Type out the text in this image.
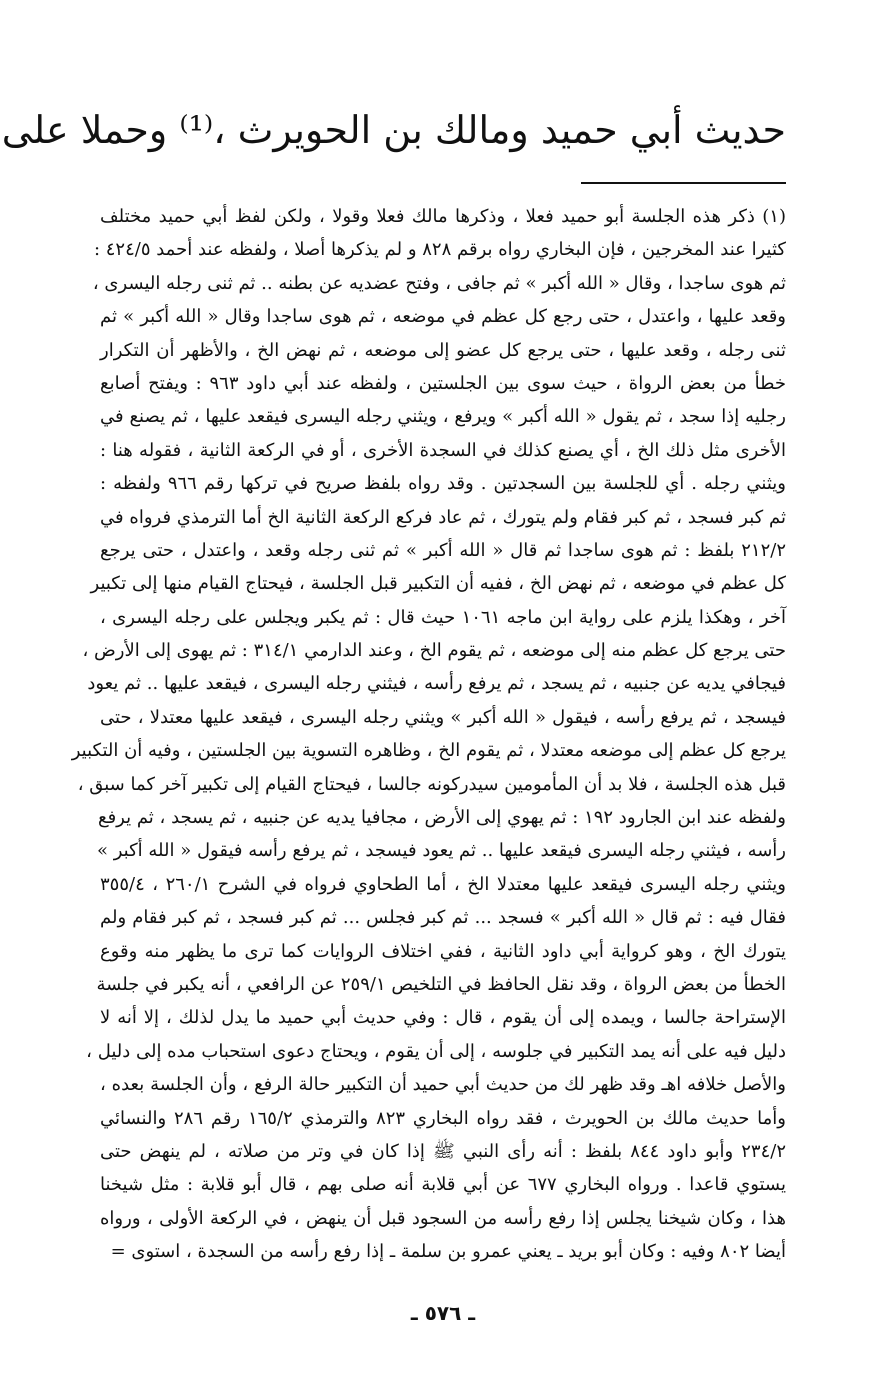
حديث أبي حميد ومالك بن الحويرث ،⁽¹⁾ وحملا على
(١) ذكر هذه الجلسة أبو حميد فعلا ، وذكرها مالك فعلا وقولا ، ولكن لفظ أبي حميد مختلف
كثيرا عند المخرجين ، فإن البخاري رواه برقم ٨٢٨ و لم يذكرها أصلا ، ولفظه عند أحمد ٤٢٤/٥ :
ثم هوى ساجدا ، وقال « الله أكبر » ثم جافى ، وفتح عضديه عن بطنه .. ثم ثنى رجله اليسرى ،
وقعد عليها ، واعتدل ، حتى رجع كل عظم في موضعه ، ثم هوى ساجدا وقال « الله أكبر » ثم
ثنى رجله ، وقعد عليها ، حتى يرجع كل عضو إلى موضعه ، ثم نهض الخ ، والأظهر أن التكرار
خطأ من بعض الرواة ، حيث سوى بين الجلستين ، ولفظه عند أبي داود ٩٦٣ : ويفتح أصابع
رجليه إذا سجد ، ثم يقول « الله أكبر » ويرفع ، ويثني رجله اليسرى فيقعد عليها ، ثم يصنع في
الأخرى مثل ذلك الخ ، أي يصنع كذلك في السجدة الأخرى ، أو في الركعة الثانية ، فقوله هنا :
ويثني رجله . أي للجلسة بين السجدتين . وقد رواه بلفظ صريح في تركها رقم ٩٦٦ ولفظه :
ثم كبر فسجد ، ثم كبر فقام ولم يتورك ، ثم عاد فركع الركعة الثانية الخ أما الترمذي فرواه في
٢١٢/٢ بلفظ : ثم هوى ساجدا ثم قال « الله أكبر » ثم ثنى رجله وقعد ، واعتدل ، حتى يرجع
كل عظم في موضعه ، ثم نهض الخ ، ففيه أن التكبير قبل الجلسة ، فيحتاج القيام منها إلى تكبير
آخر ، وهكذا يلزم على رواية ابن ماجه ١٠٦١ حيث قال : ثم يكبر ويجلس على رجله اليسرى ،
حتى يرجع كل عظم منه إلى موضعه ، ثم يقوم الخ ، وعند الدارمي ٣١٤/١ : ثم يهوى إلى الأرض ،
فيجافي يديه عن جنبيه ، ثم يسجد ، ثم يرفع رأسه ، فيثني رجله اليسرى ، فيقعد عليها .. ثم يعود
فيسجد ، ثم يرفع رأسه ، فيقول « الله أكبر » ويثني رجله اليسرى ، فيقعد عليها معتدلا ، حتى
يرجع كل عظم إلى موضعه معتدلا ، ثم يقوم الخ ، وظاهره التسوية بين الجلستين ، وفيه أن التكبير
قبل هذه الجلسة ، فلا بد أن المأمومين سيدركونه جالسا ، فيحتاج القيام إلى تكبير آخر كما سبق ،
ولفظه عند ابن الجارود ١٩٢ : ثم يهوي إلى الأرض ، مجافيا يديه عن جنبيه ، ثم يسجد ، ثم يرفع
رأسه ، فيثني رجله اليسرى فيقعد عليها .. ثم يعود فيسجد ، ثم يرفع رأسه فيقول « الله أكبر »
ويثني رجله اليسرى فيقعد عليها معتدلا الخ ، أما الطحاوي فرواه في الشرح ٢٦٠/١ ، ٣٥٥/٤
فقال فيه : ثم قال « الله أكبر » فسجد ... ثم كبر فجلس ... ثم كبر فسجد ، ثم كبر فقام ولم
يتورك الخ ، وهو كرواية أبي داود الثانية ، ففي اختلاف الروايات كما ترى ما يظهر منه وقوع
الخطأ من بعض الرواة ، وقد نقل الحافظ في التلخيص ٢٥٩/١ عن الرافعي ، أنه يكبر في جلسة
الإستراحة جالسا ، ويمده إلى أن يقوم ، قال : وفي حديث أبي حميد ما يدل لذلك ، إلا أنه لا
دليل فيه على أنه يمد التكبير في جلوسه ، إلى أن يقوم ، ويحتاج دعوى استحباب مده إلى دليل ،
والأصل خلافه اهـ وقد ظهر لك من حديث أبي حميد أن التكبير حالة الرفع ، وأن الجلسة بعده ،
وأما حديث مالك بن الحويرث ، فقد رواه البخاري ٨٢٣ والترمذي ١٦٥/٢ رقم ٢٨٦ والنسائي
٢٣٤/٢ وأبو داود ٨٤٤ بلفظ : أنه رأى النبي ﷺ إذا كان في وتر من صلاته ، لم ينهض حتى
يستوي قاعدا . ورواه البخاري ٦٧٧ عن أبي قلابة أنه صلى بهم ، قال أبو قلابة : مثل شيخنا
هذا ، وكان شيخنا يجلس إذا رفع رأسه من السجود قبل أن ينهض ، في الركعة الأولى ، ورواه
أيضا ٨٠٢ وفيه : وكان أبو بريد ـ يعني عمرو بن سلمة ـ إذا رفع رأسه من السجدة ، استوى =
ـ ٥٧٦ ـ
